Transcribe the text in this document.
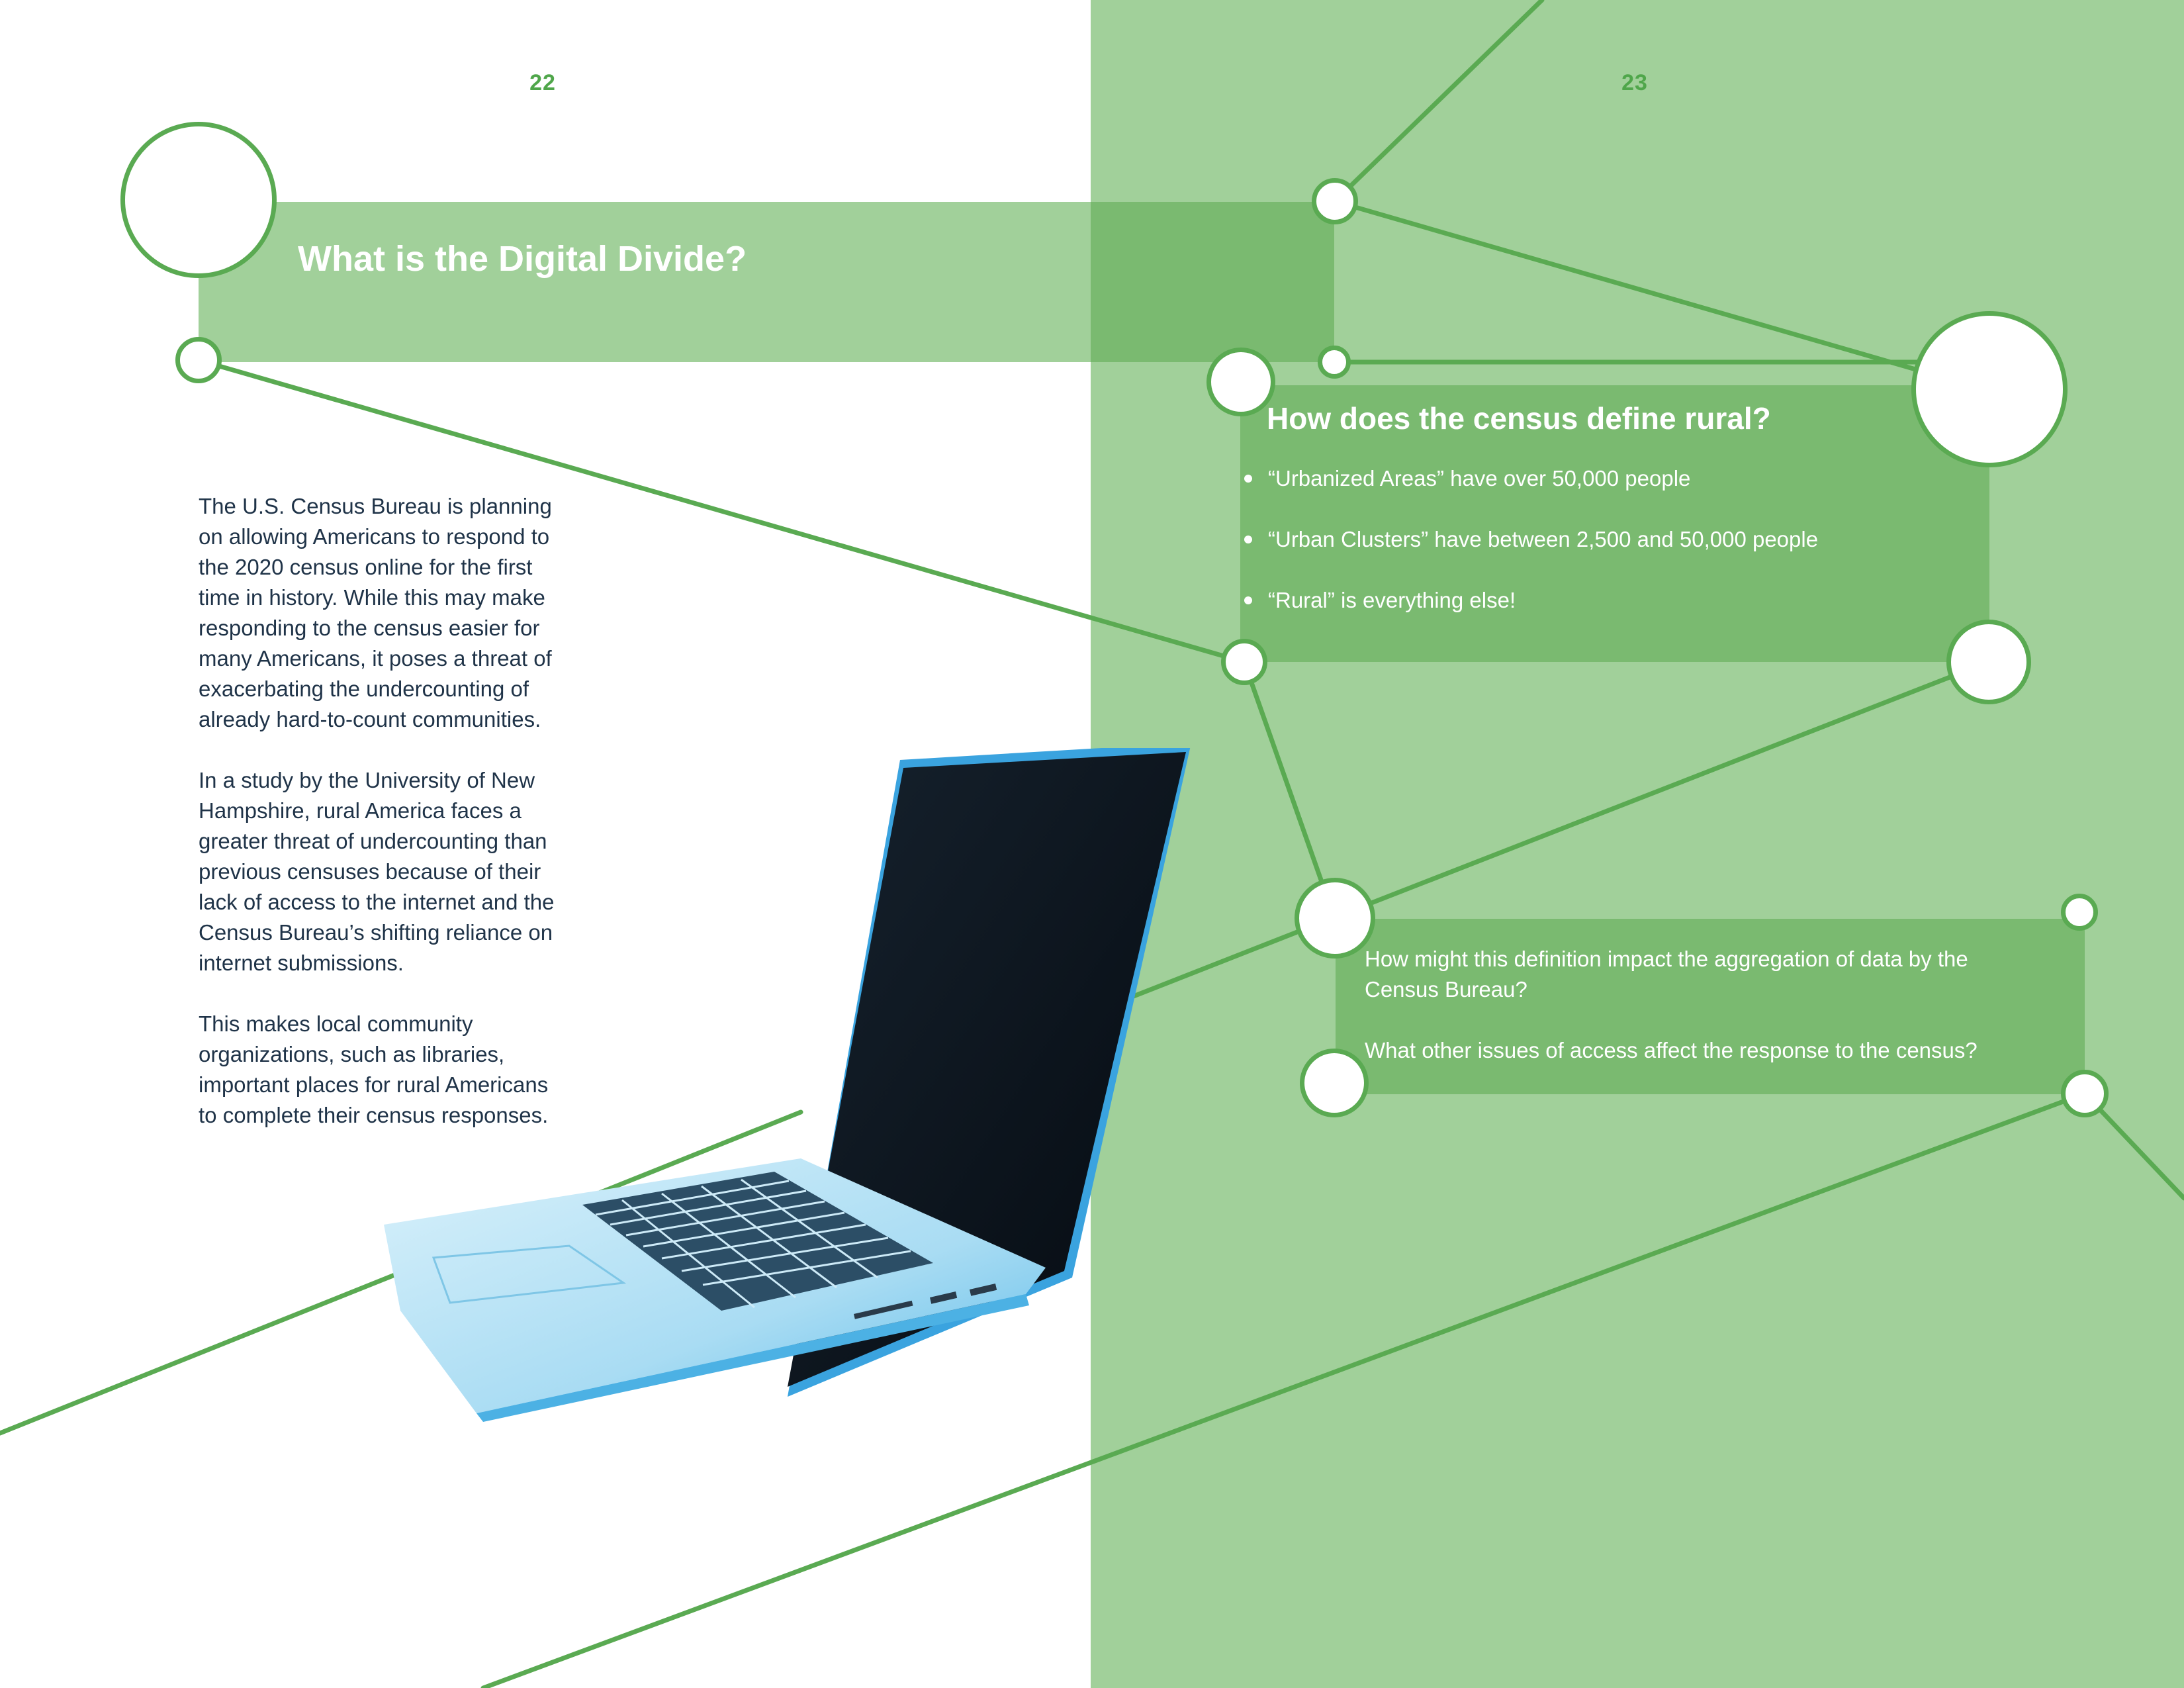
22	23
What is the Digital Divide?

The U.S. Census Bureau is planning
on allowing Americans to respond to
the 2020 census online for the first
time in history. While this may make
responding to the census easier for
many Americans, it poses a threat of
exacerbating the undercounting of
already hard-to-count communities.

In a study by the University of New
Hampshire, rural America faces a
greater threat of undercounting than
previous censuses because of their
lack of access to the internet and the
Census Bureau’s shifting reliance on
internet submissions.

This makes local community
organizations, such as libraries,
important places for rural Americans
to complete their census responses.

How does the census define rural?
“Urbanized Areas” have over 50,000 people
“Urban Clusters” have between 2,500 and 50,000 people
“Rural” is everything else!

How might this definition impact the aggregation of data by the
Census Bureau?

What other issues of access affect the response to the census?
